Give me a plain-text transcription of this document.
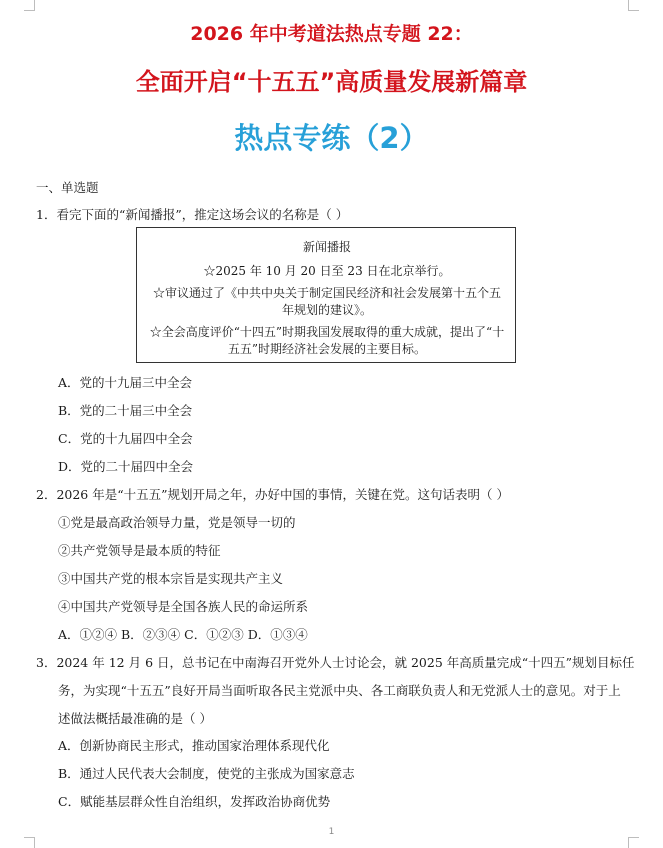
2026 年中考道法热点专题 22：
全面开启“十五五”高质量发展新篇章
热点专练（2）
一、单选题
1．看完下面的“新闻播报”，推定这场会议的名称是（ ）
新闻播报
☆2025 年 10 月 20 日至 23 日在北京举行。
☆审议通过了《中共中央关于制定国民经济和社会发展第十五个五
年规划的建议》。
☆全会高度评价“十四五”时期我国发展取得的重大成就，提出了“十
五五”时期经济社会发展的主要目标。
A．党的十九届三中全会
B．党的二十届三中全会
C．党的十九届四中全会
D．党的二十届四中全会
2．2026 年是“十五五”规划开局之年，办好中国的事情，关键在党。这句话表明（ ）
①党是最高政治领导力量，党是领导一切的
②共产党领导是最本质的特征
③中国共产党的根本宗旨是实现共产主义
④中国共产党领导是全国各族人民的命运所系
A．①②④ B．②③④ C．①②③ D．①③④
3．2024 年 12 月 6 日，总书记在中南海召开党外人士讨论会，就 2025 年高质量完成“十四五”规划目标任
务，为实现“十五五”良好开局当面听取各民主党派中央、各工商联负责人和无党派人士的意见。对于上
述做法概括最准确的是（ ）
A．创新协商民主形式，推动国家治理体系现代化
B．通过人民代表大会制度，使党的主张成为国家意志
C．赋能基层群众性自治组织，发挥政治协商优势
1
